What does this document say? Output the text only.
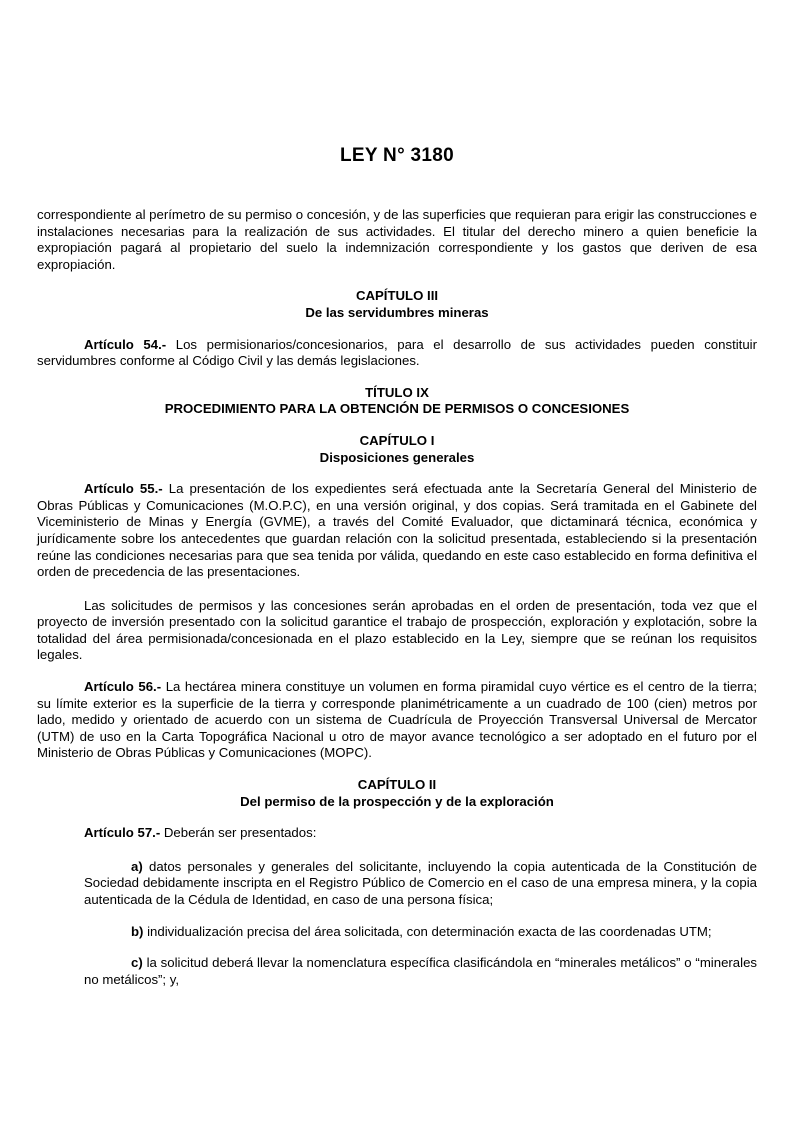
LEY N° 3180

correspondiente al perímetro de su permiso o concesión, y de las superficies que requieran para erigir las construcciones e instalaciones necesarias para la realización de sus actividades. El titular del derecho minero a quien beneficie la expropiación pagará al propietario del suelo la indemnización correspondiente y los gastos que deriven de esa expropiación.

CAPÍTULO III

De las servidumbres mineras

Artículo 54.- Los permisionarios/concesionarios, para el desarrollo de sus actividades pueden constituir servidumbres conforme al Código Civil y las demás legislaciones.

TÍTULO IX

PROCEDIMIENTO PARA LA OBTENCIÓN DE PERMISOS O CONCESIONES

CAPÍTULO I

Disposiciones generales

Artículo 55.- La presentación de los expedientes será efectuada ante la Secretaría General del Ministerio de Obras Públicas y Comunicaciones (M.O.P.C), en una versión original, y dos copias. Será tramitada en el Gabinete del Viceministerio de Minas y Energía (GVME), a través del Comité Evaluador, que dictaminará técnica, económica y jurídicamente sobre los antecedentes que guardan relación con la solicitud presentada, estableciendo si la presentación reúne las condiciones necesarias para que sea tenida por válida, quedando en este caso establecido en forma definitiva el orden de precedencia de las presentaciones.

Las solicitudes de permisos y las concesiones serán aprobadas en el orden de presentación, toda vez que el proyecto de inversión presentado con la solicitud garantice el trabajo de prospección, exploración y explotación, sobre la totalidad del área permisionada/concesionada en el plazo establecido en la Ley, siempre que se reúnan los requisitos legales.

Artículo 56.- La hectárea minera constituye un volumen en forma piramidal cuyo vértice es el centro de la tierra; su límite exterior es la superficie de la tierra y corresponde planimétricamente a un cuadrado de 100 (cien) metros por lado, medido y orientado de acuerdo con un sistema de Cuadrícula de Proyección Transversal Universal de Mercator (UTM) de uso en la Carta Topográfica Nacional u otro de mayor avance tecnológico a ser adoptado en el futuro por el Ministerio de Obras Públicas y Comunicaciones (MOPC).

CAPÍTULO II

Del permiso de la prospección y de la exploración

Artículo 57.- Deberán ser presentados:

a) datos personales y generales del solicitante, incluyendo la copia autenticada de la Constitución de Sociedad debidamente inscripta en el Registro Público de Comercio en el caso de una empresa minera, y la copia autenticada de la Cédula de Identidad, en caso de una persona física;

b) individualización precisa del área solicitada, con determinación exacta de las coordenadas UTM;

c) la solicitud deberá llevar la nomenclatura específica clasificándola en “minerales metálicos” o “minerales no metálicos”; y,
